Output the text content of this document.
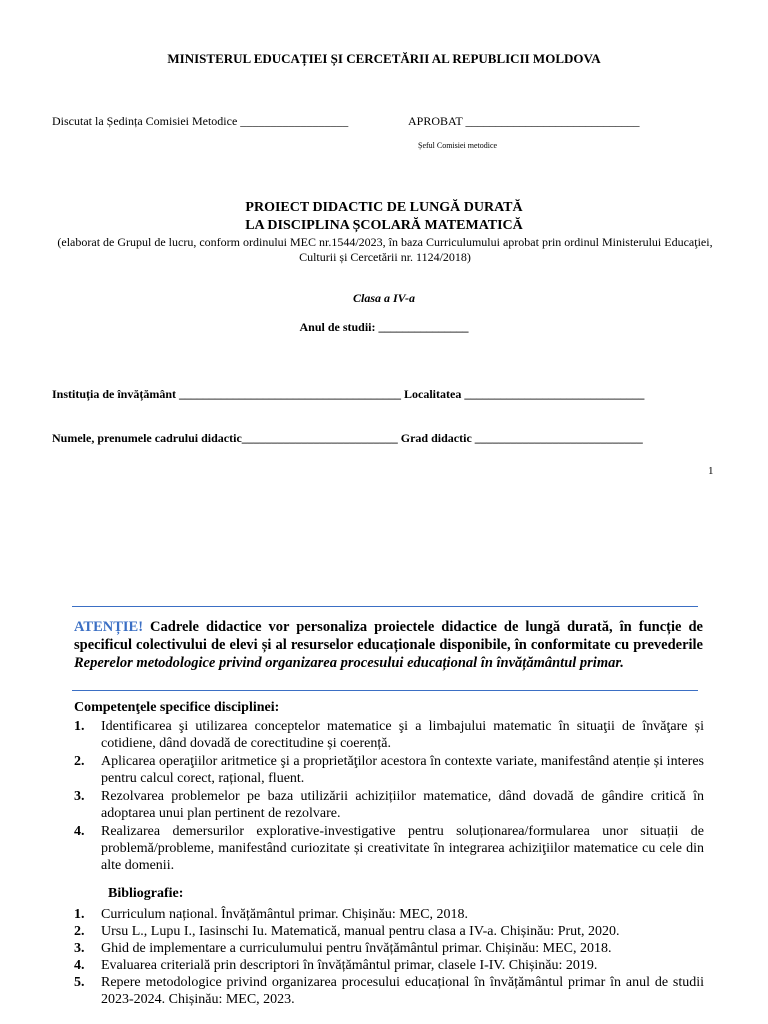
MINISTERUL EDUCAȚIEI ȘI CERCETĂRII AL REPUBLICII MOLDOVA
Discutat la Ședința Comisiei Metodice __________________	APROBAT _____________________________
Șeful Comisiei metodice
PROIECT DIDACTIC DE LUNGĂ DURATĂ
LA DISCIPLINA ȘCOLARĂ MATEMATICĂ
(elaborat de Grupul de lucru, conform ordinului MEC nr.1544/2023, în baza Curriculumului aprobat prin ordinul Ministerului Educaţiei, Culturii și Cercetării nr. 1124/2018)
Clasa a IV-a
Anul de studii: _______________
Instituția de învățământ _____________________________________ Localitatea ______________________________
Numele, prenumele cadrului didactic__________________________ Grad didactic ____________________________
1
ATENȚIE! Cadrele didactice vor personaliza proiectele didactice de lungă durată, în funcție de specificul colectivului de elevi și al resurselor educaționale disponibile, în conformitate cu prevederile Reperelor metodologice privind organizarea procesului educațional în învățământul primar.
Competenţele specifice disciplinei:
1. Identificarea şi utilizarea conceptelor matematice şi a limbajului matematic în situaţii de învăţare și cotidiene, dând dovadă de corectitudine și coerență.
2. Aplicarea operaţiilor aritmetice şi a proprietăţilor acestora în contexte variate, manifestând atenție și interes pentru calcul corect, rațional, fluent.
3. Rezolvarea problemelor pe baza utilizării achizițiilor matematice, dând dovadă de gândire critică în adoptarea unui plan pertinent de rezolvare.
4. Realizarea demersurilor explorative-investigative pentru soluționarea/formularea unor situații de problemă/probleme, manifestând curiozitate și creativitate în integrarea achiziţiilor matematice cu cele din alte domenii.
Bibliografie:
1. Curriculum național. Învățământul primar. Chișinău: MEC, 2018.
2. Ursu L., Lupu I., Iasinschi Iu. Matematică, manual pentru clasa a IV-a. Chișinău: Prut, 2020.
3. Ghid de implementare a curriculumului pentru învățământul primar. Chișinău: MEC, 2018.
4. Evaluarea criterială prin descriptori în învățământul primar, clasele I-IV. Chișinău: 2019.
5. Repere metodologice privind organizarea procesului educațional în învățământul primar în anul de studii 2023-2024. Chișinău: MEC, 2023.
